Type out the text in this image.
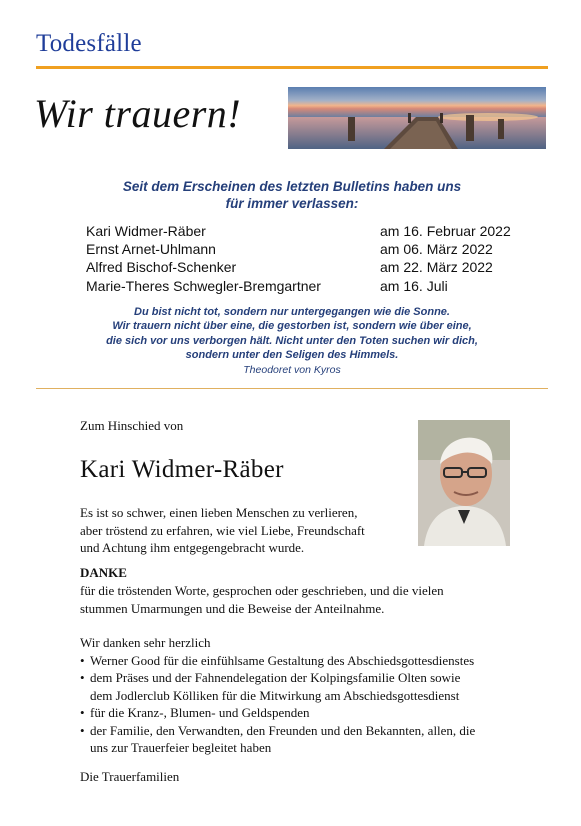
Todesfälle
Wir trauern!
Seit dem Erscheinen des letzten Bulletins haben uns
für immer verlassen:
Kari Widmer-Räber	am 16. Februar 2022
Ernst Arnet-Uhlmann	am 06. März 2022
Alfred Bischof-Schenker	am 22. März 2022
Marie-Theres Schwegler-Bremgartner	am 16. Juli
Du bist nicht tot, sondern nur untergegangen wie die Sonne.
Wir trauern nicht über eine, die gestorben ist, sondern wie über eine,
die sich vor uns verborgen hält. Nicht unter den Toten suchen wir dich,
sondern unter den Seligen des Himmels.
Theodoret von Kyros
Zum Hinschied von
Kari Widmer-Räber
Es ist so schwer, einen lieben Menschen zu verlieren,
aber tröstend zu erfahren, wie viel Liebe, Freundschaft
und Achtung ihm entgegengebracht wurde.
DANKE
für die tröstenden Worte, gesprochen oder geschrieben, und die vielen
stummen Umarmungen und die Beweise der Anteilnahme.
Wir danken sehr herzlich
• Werner Good für die einfühlsame Gestaltung des Abschiedsgottesdienstes
• dem Präses und der Fahnendelegation der Kolpingsfamilie Olten sowie
dem Jodlerclub Kölliken für die Mitwirkung am Abschiedsgottesdienst
• für die Kranz-, Blumen- und Geldspenden
• der Familie, den Verwandten, den Freunden und den Bekannten, allen, die
uns zur Trauerfeier begleitet haben
Die Trauerfamilien
